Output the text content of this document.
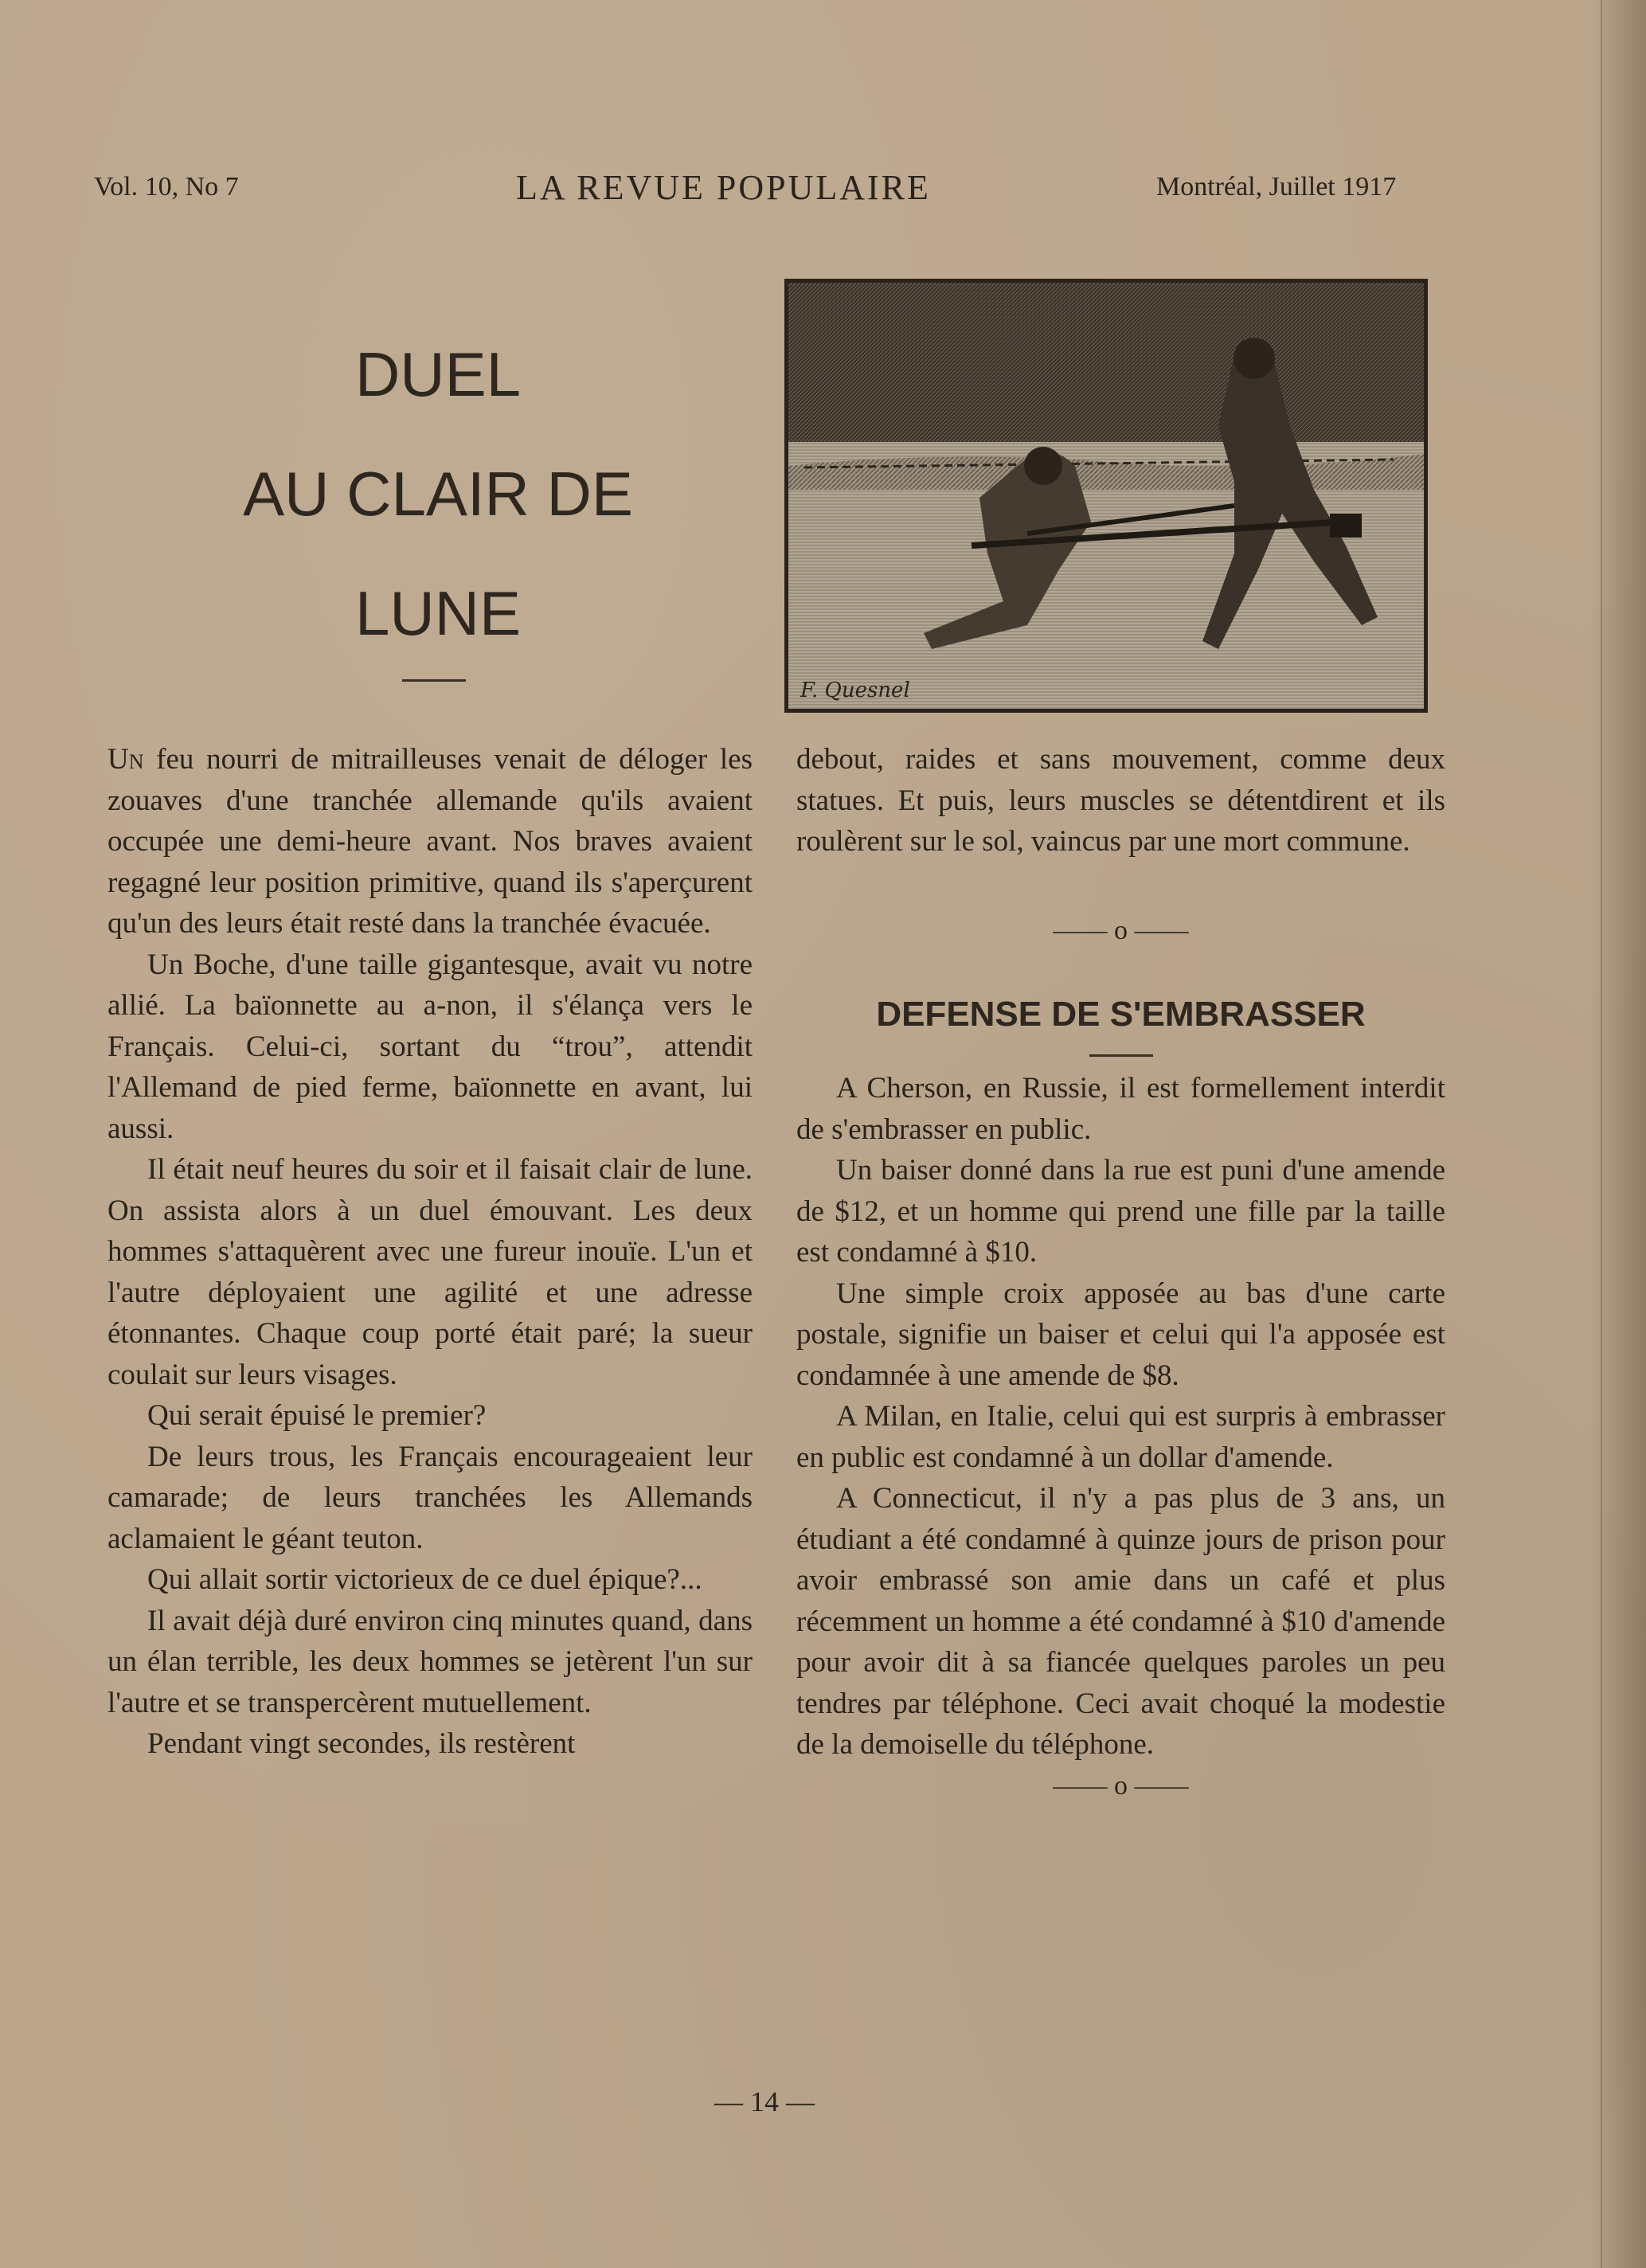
Vol. 10, No 7	LA REVUE POPULAIRE	Montréal, Juillet 1917
DUEL
AU CLAIR DE
LUNE
F. Quesnel

Un feu nourri de mitrailleuses venait de déloger les zouaves d'une tranchée allemande qu'ils avaient occupée une demi-heure avant. Nos braves avaient regagné leur position primitive, quand ils s'aperçurent qu'un des leurs était resté dans la tranchée évacuée.

Un Boche, d'une taille gigantesque, avait vu notre allié. La baïonnette au a-non, il s'élança vers le Français. Celui-ci, sortant du “trou”, attendit l'Allemand de pied ferme, baïonnette en avant, lui aussi.

Il était neuf heures du soir et il faisait clair de lune. On assista alors à un duel émouvant. Les deux hommes s'attaquèrent avec une fureur inouïe. L'un et l'autre déployaient une agilité et une adresse étonnantes. Chaque coup porté était paré; la sueur coulait sur leurs visages.

Qui serait épuisé le premier?

De leurs trous, les Français encourageaient leur camarade; de leurs tranchées les Allemands aclamaient le géant teuton.

Qui allait sortir victorieux de ce duel épique?...

Il avait déjà duré environ cinq minutes quand, dans un élan terrible, les deux hommes se jetèrent l'un sur l'autre et se transpercèrent mutuellement.

Pendant vingt secondes, ils restèrent

debout, raides et sans mouvement, comme deux statues. Et puis, leurs muscles se détentdirent et ils roulèrent sur le sol, vaincus par une mort commune.

—— o ——
DEFENSE DE S'EMBRASSER

A Cherson, en Russie, il est formellement interdit de s'embrasser en public.

Un baiser donné dans la rue est puni d'une amende de $12, et un homme qui prend une fille par la taille est condamné à $10.

Une simple croix apposée au bas d'une carte postale, signifie un baiser et celui qui l'a apposée est condamnée à une amende de $8.

A Milan, en Italie, celui qui est surpris à embrasser en public est condamné à un dollar d'amende.

A Connecticut, il n'y a pas plus de 3 ans, un étudiant a été condamné à quinze jours de prison pour avoir embrassé son amie dans un café et plus récemment un homme a été condamné à $10 d'amende pour avoir dit à sa fiancée quelques paroles un peu tendres par téléphone. Ceci avait choqué la modestie de la demoiselle du téléphone.

—— o ——
— 14 —
